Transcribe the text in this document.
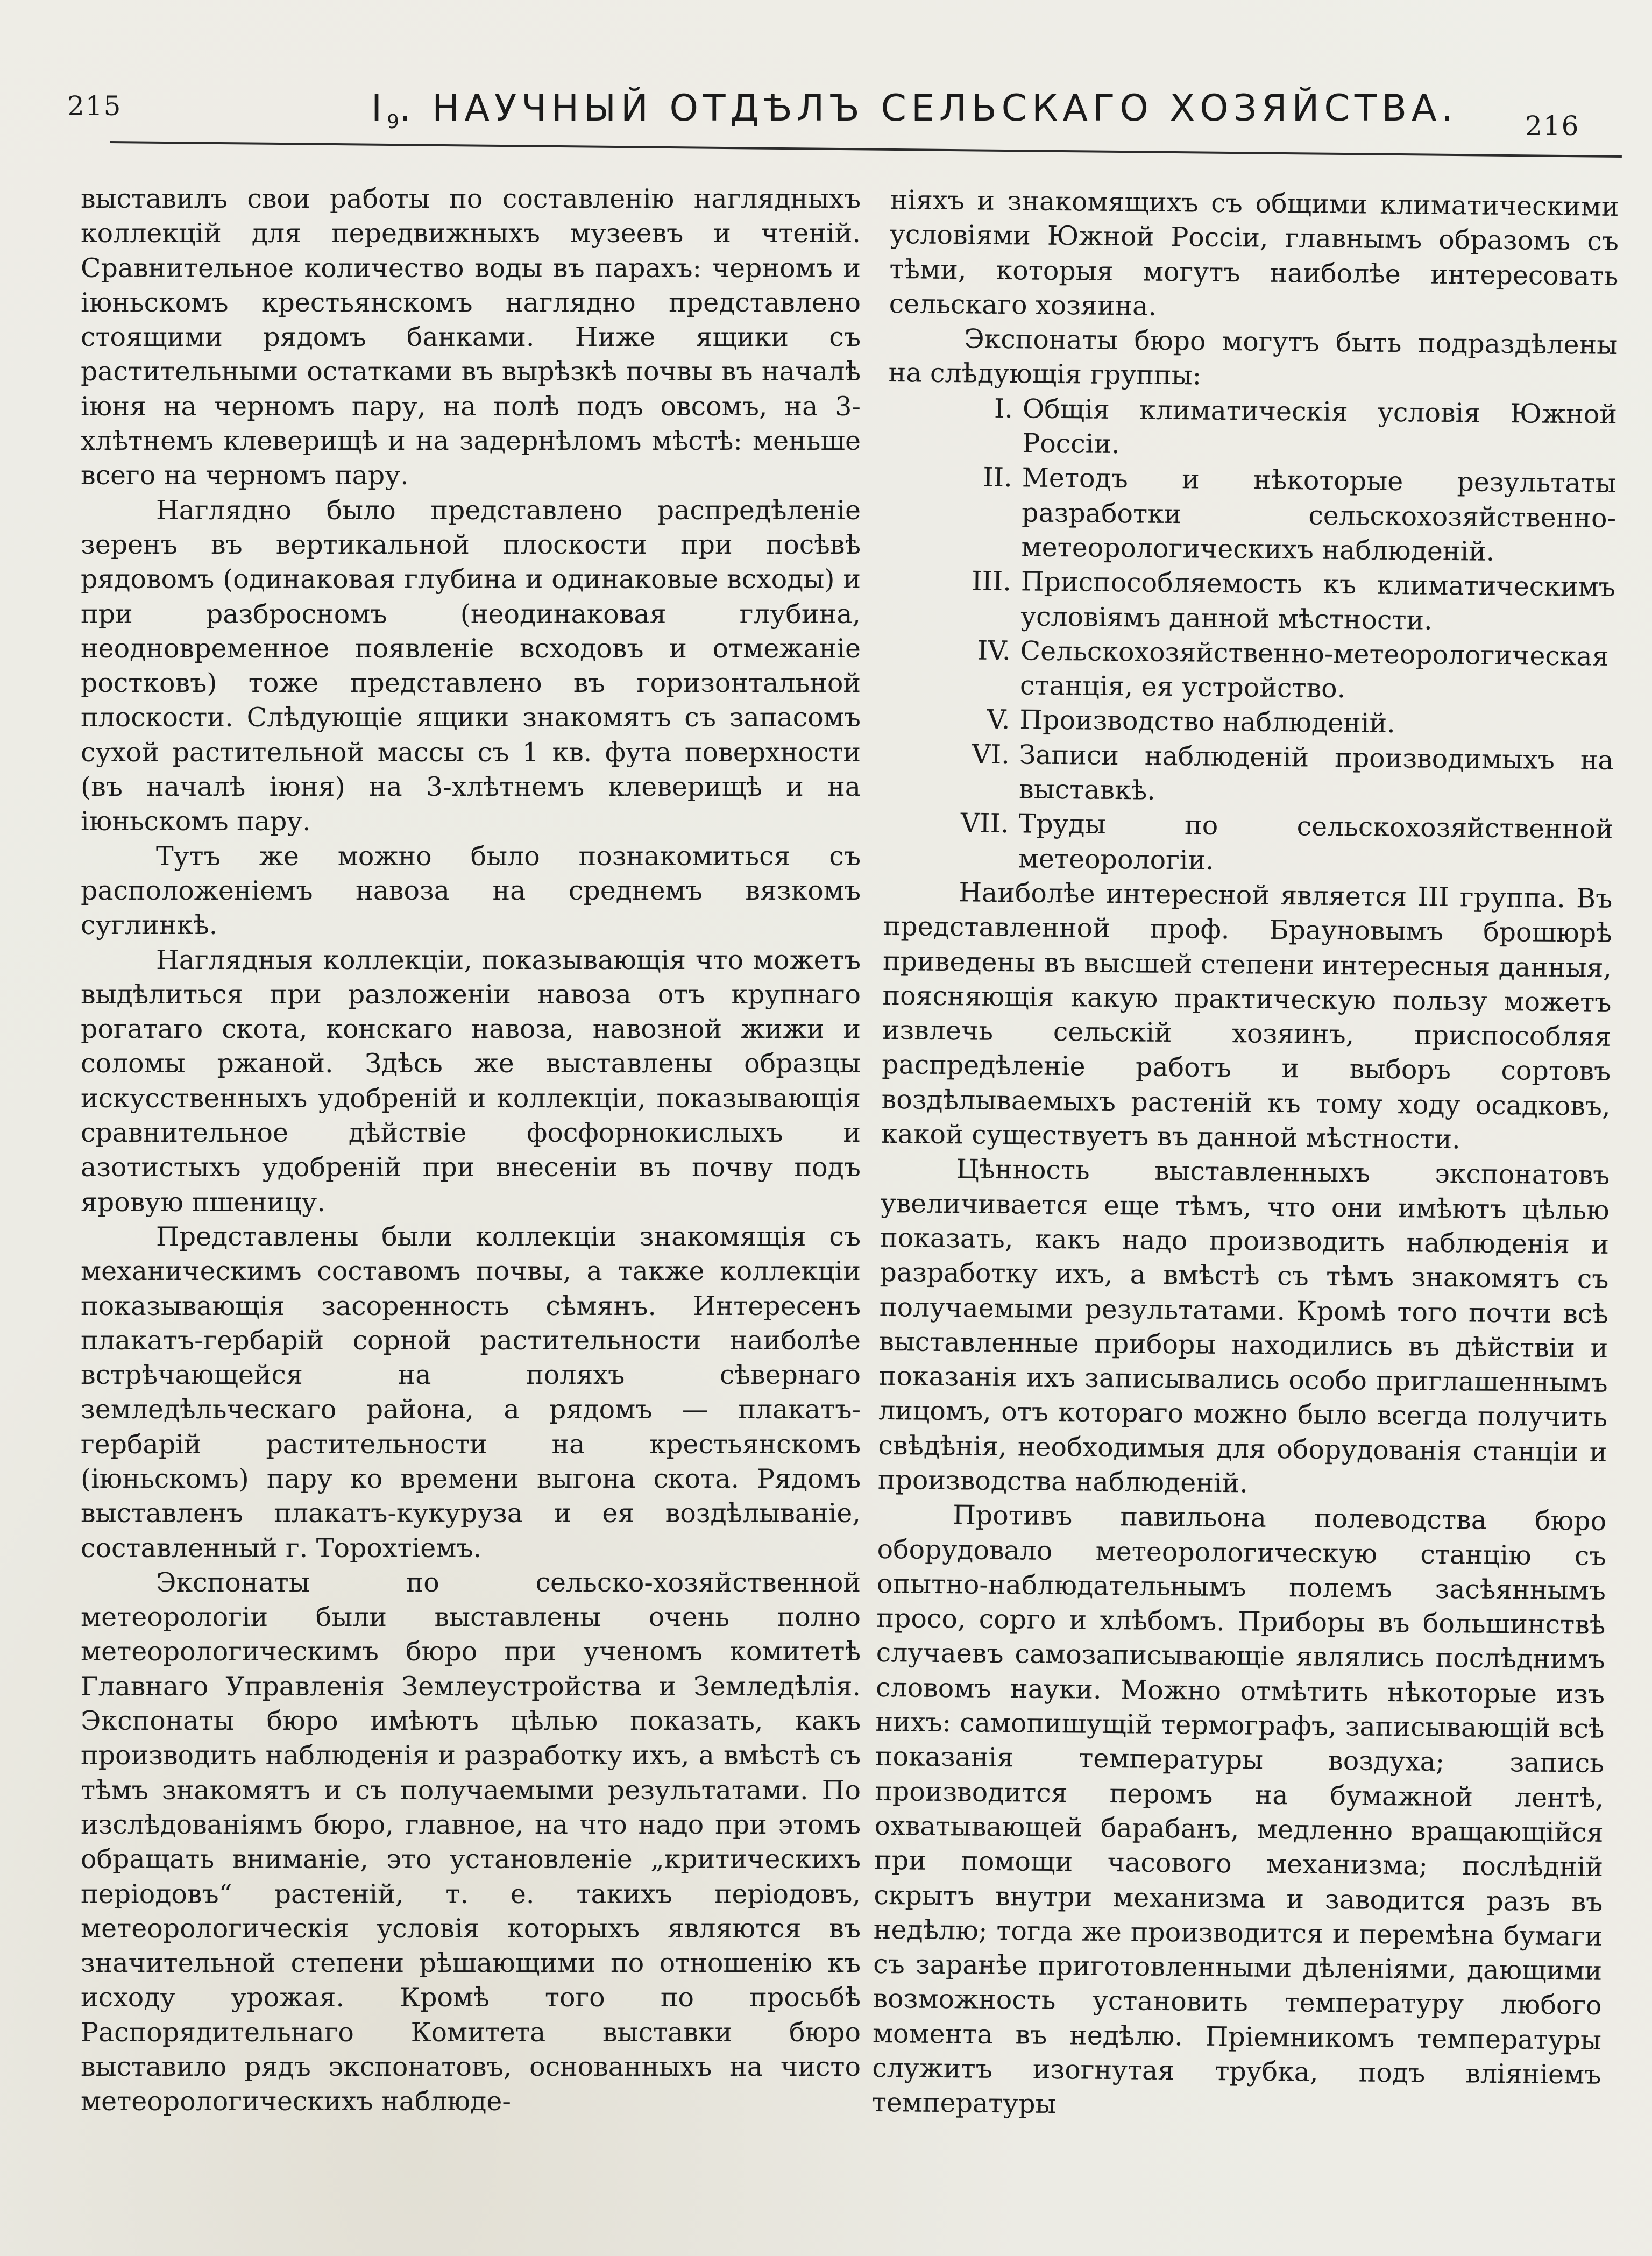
215	$I_9$. НАУЧНЫЙ ОТДѢЛЪ СЕЛЬСКАГО ХОЗЯЙСТВА. 216

выставилъ свои работы по составленію наглядныхъ коллекцій для передвижныхъ музеевъ и чтеній. Сравнительное количество воды въ парахъ: черномъ и іюньскомъ крестьянскомъ наглядно представлено стоящими рядомъ банками. Ниже ящики съ растительными остатками въ вырѣзкѣ почвы въ началѣ іюня на черномъ пару, на полѣ подъ овсомъ, на 3-хлѣтнемъ клеверищѣ и на задернѣломъ мѣстѣ: меньше всего на черномъ пару.

Наглядно было представлено распредѣленіе зеренъ въ вертикальной плоскости при посѣвѣ рядовомъ (одинаковая глубина и одинаковые всходы) и при разбросномъ (неодинаковая глубина, неодновременное появленіе всходовъ и отмежаніе ростковъ) тоже представлено въ горизонтальной плоскости. Слѣдующіе ящики знакомятъ съ запасомъ сухой растительной массы съ 1 кв. фута поверхности (въ началѣ іюня) на 3-хлѣтнемъ клеверищѣ и на іюньскомъ пару.

Тутъ же можно было познакомиться съ расположеніемъ навоза на среднемъ вязкомъ суглинкѣ.

Наглядныя коллекціи, показывающія что можетъ выдѣлиться при разложеніи навоза отъ крупнаго рогатаго скота, конскаго навоза, навозной жижи и соломы ржаной. Здѣсь же выставлены образцы искусственныхъ удобреній и коллекціи, показывающія сравнительное дѣйствіе фосфорнокислыхъ и азотистыхъ удобреній при внесеніи въ почву подъ яровую пшеницу.

Представлены были коллекціи знакомящія съ механическимъ составомъ почвы, а также коллекціи показывающія засоренность сѣмянъ. Интересенъ плакатъ-гербарій сорной растительности наиболѣе встрѣчающейся на поляхъ сѣвернаго земледѣльческаго района, а рядомъ — плакатъ-гербарій растительности на крестьянскомъ (іюньскомъ) пару ко времени выгона скота. Рядомъ выставленъ плакатъ-кукуруза и ея воздѣлываніе, составленный г. Торохтіемъ.

Экспонаты по сельско-хозяйственной метеорологіи были выставлены очень полно метеорологическимъ бюро при ученомъ комитетѣ Главнаго Управленія Землеустройства и Земледѣлія. Экспонаты бюро имѣютъ цѣлью показать, какъ производить наблюденія и разработку ихъ, а вмѣстѣ съ тѣмъ знакомятъ и съ получаемыми результатами. По изслѣдованіямъ бюро, главное, на что надо при этомъ обращать вниманіе, это установленіе „критическихъ періодовъ“ растеній, т. е. такихъ періодовъ, метеорологическія условія которыхъ являются въ значительной степени рѣшающими по отношенію къ исходу урожая. Кромѣ того по просьбѣ Распорядительнаго Комитета выставки бюро выставило рядъ экспонатовъ, основанныхъ на чисто метеорологическихъ наблюде-

ніяхъ и знакомящихъ съ общими климатическими условіями Южной Россіи, главнымъ образомъ съ тѣми, которыя могутъ наиболѣе интересовать сельскаго хозяина.

Экспонаты бюро могутъ быть подраздѣлены на слѣдующія группы:

I. Общія климатическія условія Южной Россіи.
II. Методъ и нѣкоторые результаты разработки сельскохозяйственно-метеорологическихъ наблюденій.
III. Приспособляемость къ климатическимъ условіямъ данной мѣстности.
IV. Сельскохозяйственно-метеорологическая станція, ея устройство.
V. Производство наблюденій.
VI. Записи наблюденій производимыхъ на выставкѣ.
VII. Труды по сельскохозяйственной метеорологіи.

Наиболѣе интересной является III группа. Въ представленной проф. Брауновымъ брошюрѣ приведены въ высшей степени интересныя данныя, поясняющія какую практическую пользу можетъ извлечь сельскій хозяинъ, приспособляя распредѣленіе работъ и выборъ сортовъ воздѣлываемыхъ растеній къ тому ходу осадковъ, какой существуетъ въ данной мѣстности.

Цѣнность выставленныхъ экспонатовъ увеличивается еще тѣмъ, что они имѣютъ цѣлью показать, какъ надо производить наблюденія и разработку ихъ, а вмѣстѣ съ тѣмъ знакомятъ съ получаемыми результатами. Кромѣ того почти всѣ выставленные приборы находились въ дѣйствіи и показанія ихъ записывались особо приглашеннымъ лицомъ, отъ котораго можно было всегда получить свѣдѣнія, необходимыя для оборудованія станціи и производства наблюденій.

Противъ павильона полеводства бюро оборудовало метеорологическую станцію съ опытно-наблюдательнымъ полемъ засѣяннымъ просо, сорго и хлѣбомъ. Приборы въ большинствѣ случаевъ самозаписывающіе являлись послѣднимъ словомъ науки. Можно отмѣтить нѣкоторые изъ нихъ: самопишущій термографъ, записывающій всѣ показанія температуры воздуха; запись производится перомъ на бумажной лентѣ, охватывающей барабанъ, медленно вращающійся при помощи часового механизма; послѣдній скрытъ внутри механизма и заводится разъ въ недѣлю; тогда же производится и перемѣна бумаги съ заранѣе приготовленными дѣленіями, дающими возможность установить температуру любого момента въ недѣлю. Пріемникомъ температуры служитъ изогнутая трубка, подъ вліяніемъ температуры
